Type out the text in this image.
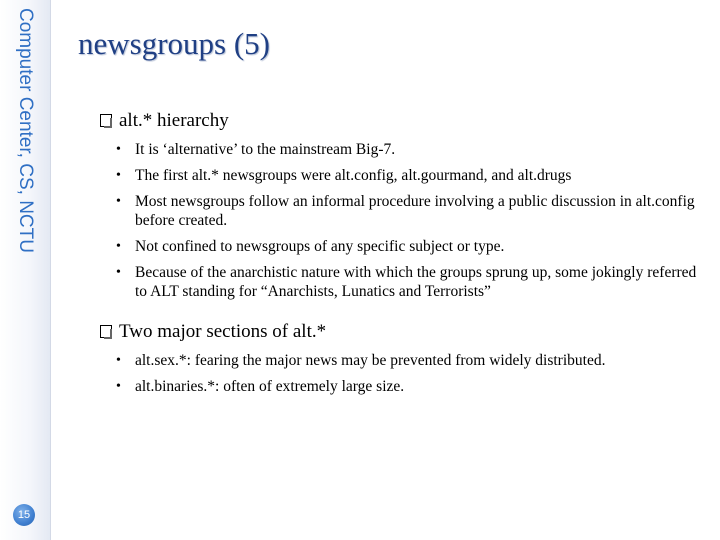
Computer Center, CS, NCTU
15
newsgroups (5)
alt.* hierarchy
• It is ‘alternative’ to the mainstream Big-7.
• The first alt.* newsgroups were alt.config, alt.gourmand, and alt.drugs
• Most newsgroups follow an informal procedure involving a public discussion in alt.config before created.
• Not confined to newsgroups of any specific subject or type.
• Because of the anarchistic nature with which the groups sprung up, some jokingly referred to ALT standing for “Anarchists, Lunatics and Terrorists”
Two major sections of alt.*
• alt.sex.*: fearing the major news may be prevented from widely distributed.
• alt.binaries.*: often of extremely large size.
